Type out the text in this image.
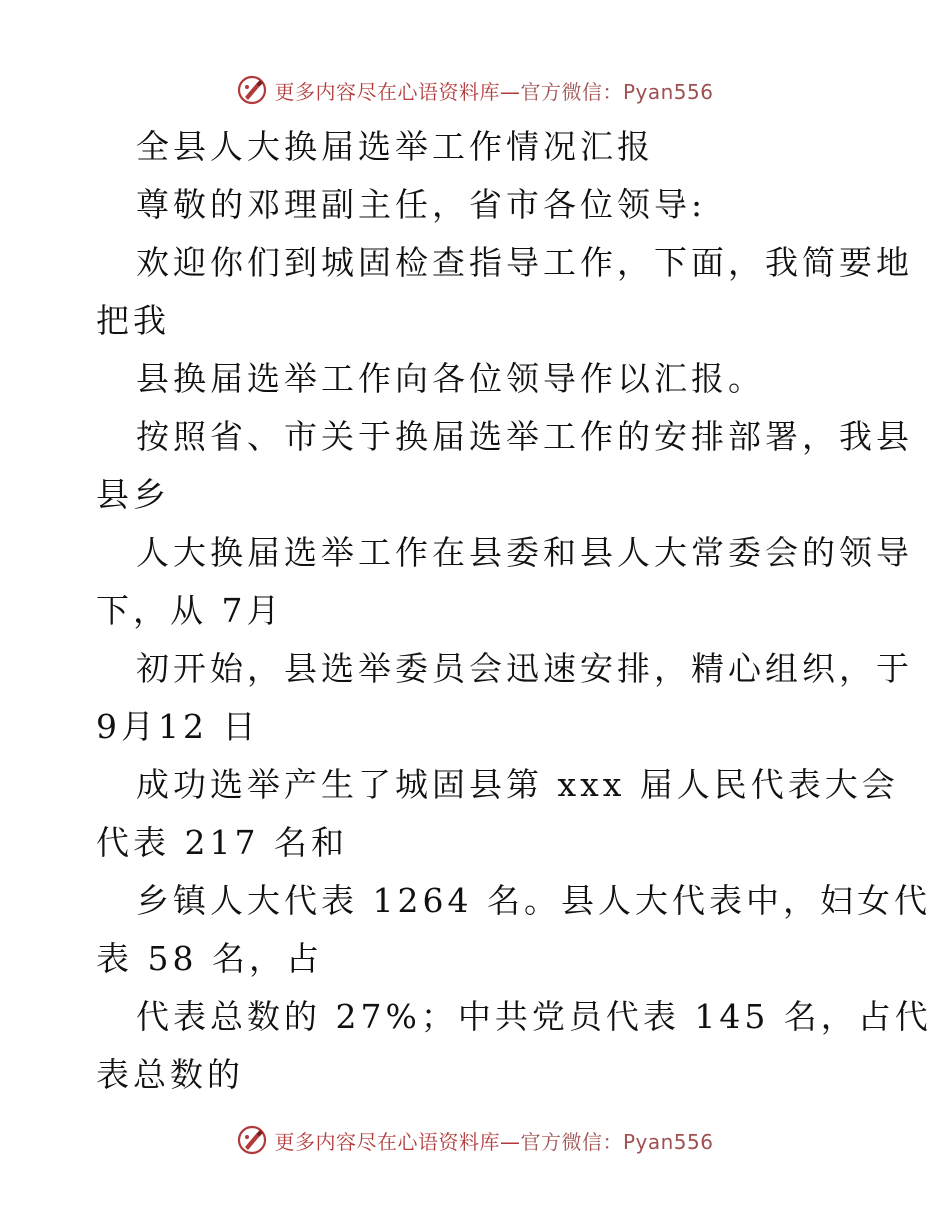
更多内容尽在心语资料库—官方微信：Pyan556
全县人大换届选举工作情况汇报
尊敬的邓理副主任，省市各位领导:
欢迎你们到城固检查指导工作，下面，我简要地
把我
县换届选举工作向各位领导作以汇报。
按照省、市关于换届选举工作的安排部署，我县
县乡
人大换届选举工作在县委和县人大常委会的领导
下，从 7月
初开始，县选举委员会迅速安排，精心组织，于
9月12 日
成功选举产生了城固县第 xxx 届人民代表大会
代表 217 名和
乡镇人大代表 1264 名。县人大代表中，妇女代
表 58 名，占
代表总数的 27%；中共党员代表 145 名，占代
表总数的
更多内容尽在心语资料库—官方微信：Pyan556
